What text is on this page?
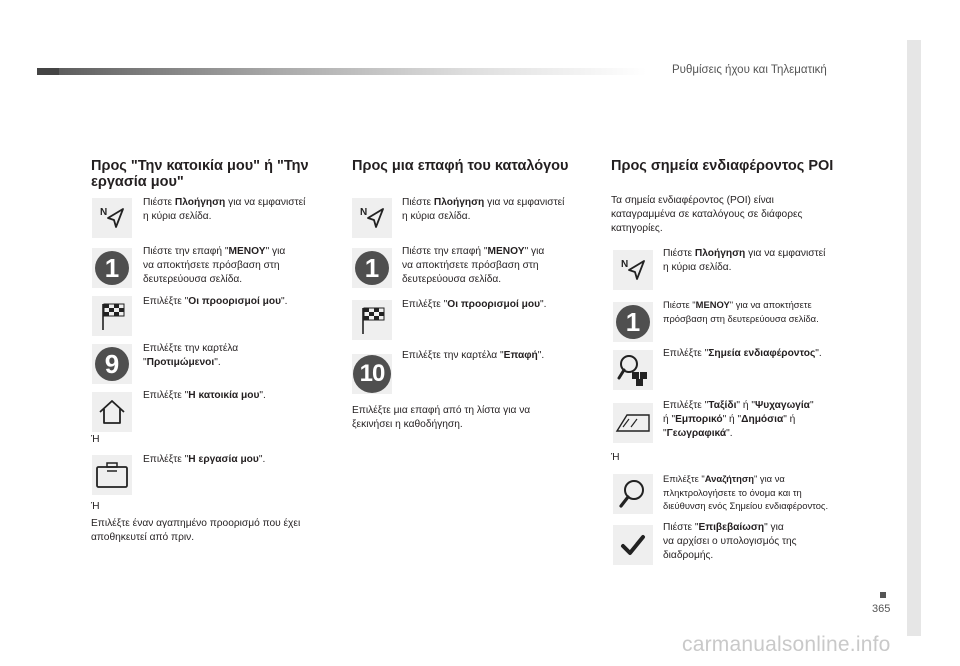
Ρυθμίσεις ήχου και Τηλεματική
365
carmanualsonline.info
Προς "Την κατοικία μου" ή "Την
εργασία μου"
N
Πιέστε Πλοήγηση για να εμφανιστεί
η κύρια σελίδα.
1
Πιέστε την επαφή "ΜΕΝΟΥ" για
να αποκτήσετε πρόσβαση στη
δευτερεύουσα σελίδα.
Επιλέξτε "Οι προορισμοί μου".
9 Επιλέξτε την καρτέλα
"Προτιμώμενοι".
Επιλέξτε "Η κατοικία μου".
Ή
Επιλέξτε "Η εργασία μου".
Ή
Επιλέξτε έναν αγαπημένο προορισμό που έχει
αποθηκευτεί από πριν.
Προς μια επαφή του καταλόγου
N
Πιέστε Πλοήγηση για να εμφανιστεί
η κύρια σελίδα.
1
Πιέστε την επαφή "ΜΕΝΟΥ" για
να αποκτήσετε πρόσβαση στη
δευτερεύουσα σελίδα.
Επιλέξτε "Οι προορισμοί μου".
10
Επιλέξτε την καρτέλα "Επαφή".
Επιλέξτε μια επαφή από τη λίστα για να
ξεκινήσει η καθοδήγηση.
Προς σημεία ενδιαφέροντος POI
Τα σημεία ενδιαφέροντος (POI) είναι
καταγραμμένα σε καταλόγους σε διάφορες
κατηγορίες.
N
Πιέστε Πλοήγηση για να εμφανιστεί
η κύρια σελίδα.
1
Πιέστε "ΜΕΝΟΥ" για να αποκτήσετε
πρόσβαση στη δευτερεύουσα σελίδα.
Επιλέξτε "Σημεία ενδιαφέροντος".
Επιλέξτε "Ταξίδι" ή "Ψυχαγωγία"
ή "Εμπορικό" ή "Δημόσια" ή
"Γεωγραφικά".
Ή
Επιλέξτε "Αναζήτηση" για να
πληκτρολογήσετε το όνομα και τη
διεύθυνση ενός Σημείου ενδιαφέροντος.
Πιέστε "Επιβεβαίωση" για
να αρχίσει ο υπολογισμός της
διαδρομής.
